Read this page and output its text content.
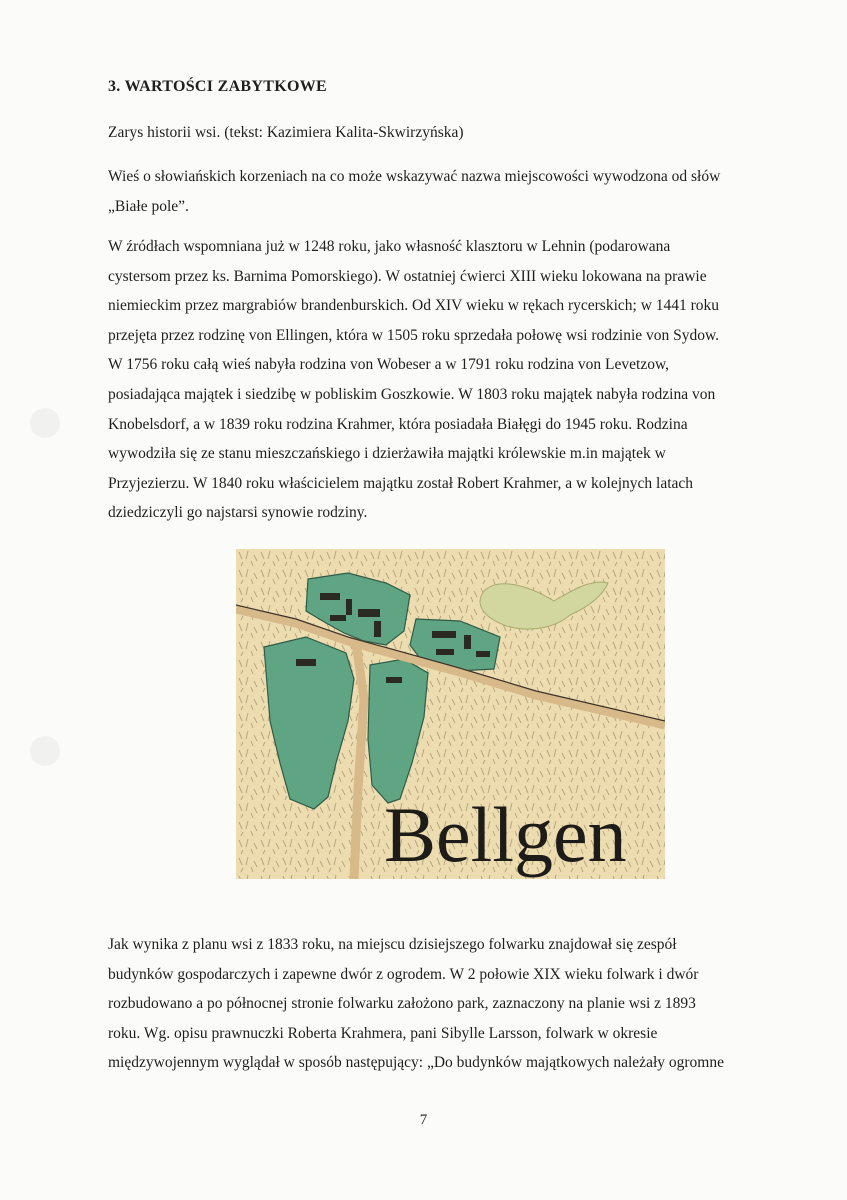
3. WARTOŚCI ZABYTKOWE
Zarys historii wsi. (tekst: Kazimiera Kalita-Skwirzyńska)

Wieś o słowiańskich korzeniach na co może wskazywać nazwa miejscowości wywodzona od słów
„Białe pole”.

W źródłach wspomniana już w 1248 roku, jako własność klasztoru w Lehnin (podarowana
cystersom przez ks. Barnima Pomorskiego). W ostatniej ćwierci XIII wieku lokowana na prawie
niemieckim przez margrabiów brandenburskich. Od XIV wieku w rękach rycerskich; w 1441 roku
przejęta przez rodzinę von Ellingen, która w 1505 roku sprzedała połowę wsi rodzinie von Sydow.
W 1756 roku całą wieś nabyła rodzina von Wobeser a w 1791 roku rodzina von Levetzow,
posiadająca majątek i siedzibę w pobliskim Goszkowie. W 1803 roku majątek nabyła rodzina von
Knobelsdorf, a w 1839 roku rodzina Krahmer, która posiadała Białęgi do 1945 roku. Rodzina
wywodziła się ze stanu mieszczańskiego i dzierżawiła majątki królewskie m.in majątek w
Przyjezierzu. W 1840 roku właścicielem majątku został Robert Krahmer, a w kolejnych latach
dziedziczyli go najstarsi synowie rodziny.

Bellgen

Jak wynika z planu wsi z 1833 roku, na miejscu dzisiejszego folwarku znajdował się zespół
budynków gospodarczych i zapewne dwór z ogrodem. W 2 połowie XIX wieku folwark i dwór
rozbudowano a po północnej stronie folwarku założono park, zaznaczony na planie wsi z 1893
roku. Wg. opisu prawnuczki Roberta Krahmera, pani Sibylle Larsson, folwark w okresie
międzywojennym wyglądał w sposób następujący: „Do budynków majątkowych należały ogromne

7
